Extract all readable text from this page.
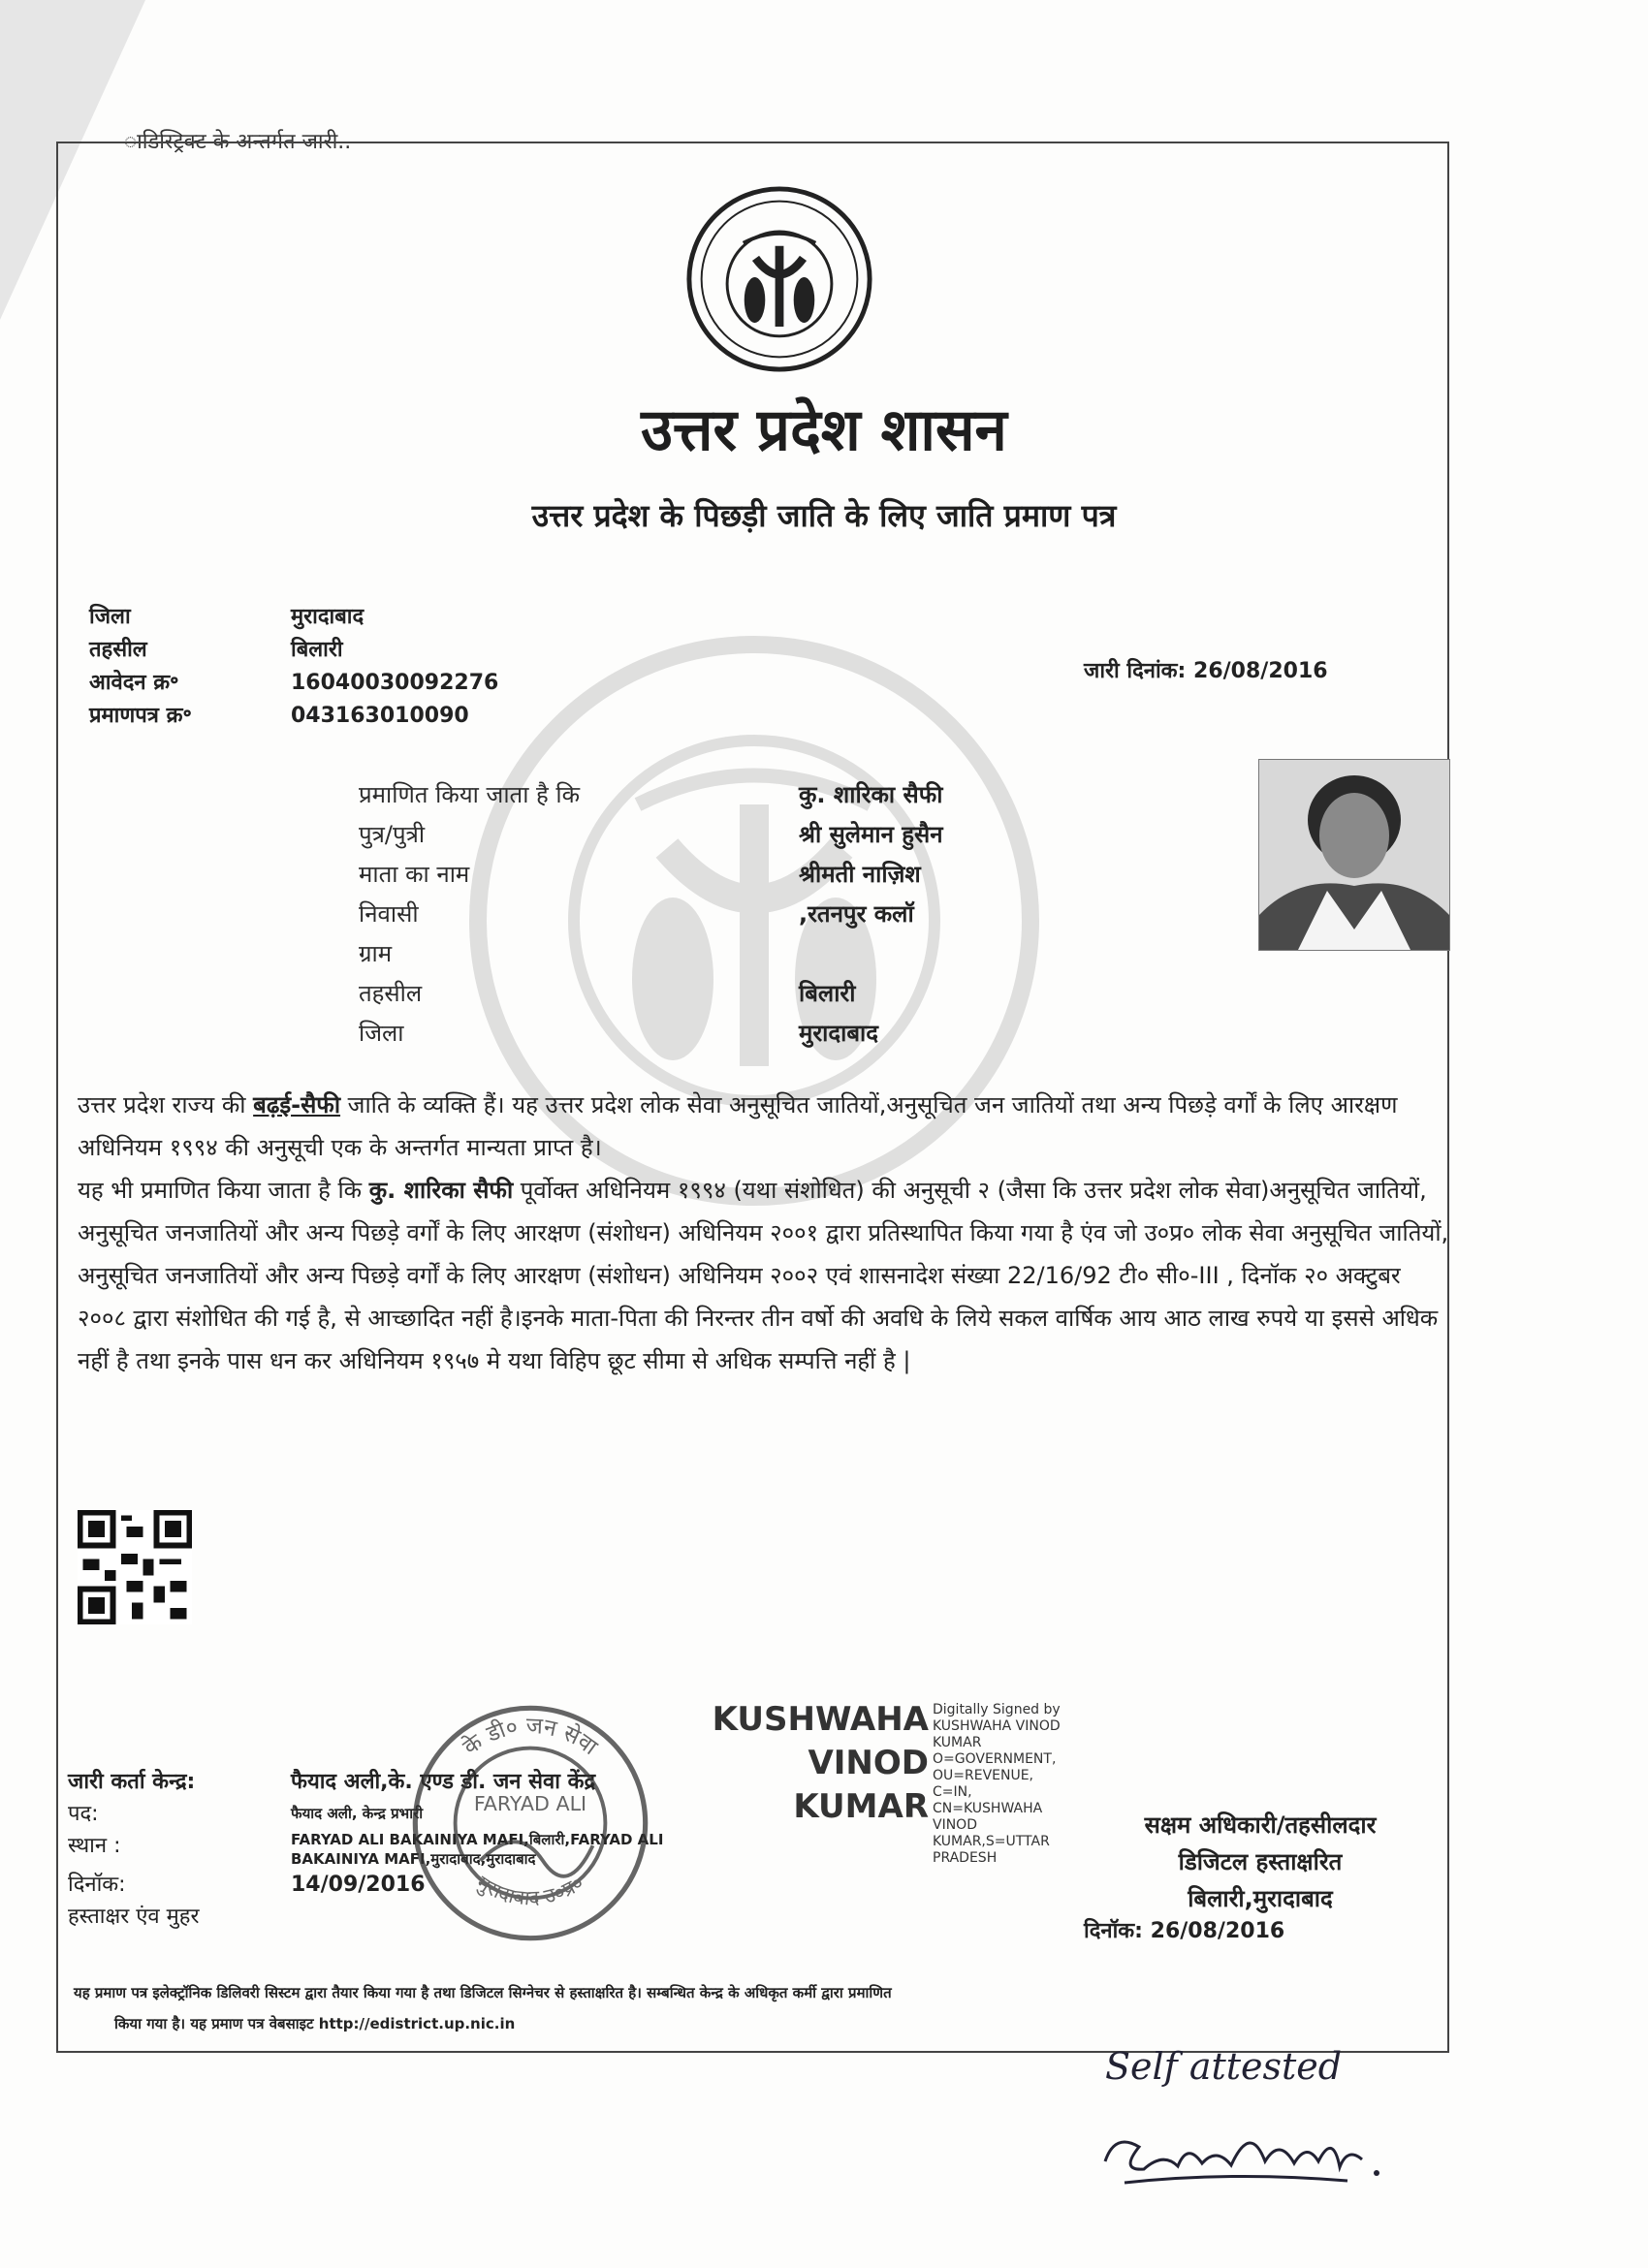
ाडिस्ट्रिक्ट के अन्तर्गत जारी..
उत्तर प्रदेश शासन
उत्तर प्रदेश के पिछड़ी जाति के लिए जाति प्रमाण पत्र
जिला	मुरादाबाद
तहसील	बिलारी
आवेदन क्र॰	16040030092276
प्रमाणपत्र क्र॰	043163010090
जारी दिनांक: 26/08/2016
प्रमाणित किया जाता है कि	कु. शारिका सैफी
पुत्र/पुत्री	श्री सुलेमान हुसैन
माता का नाम	श्रीमती नाज़िश
निवासी	,रतनपुर कलॉ
ग्राम
तहसील	बिलारी
जिला	मुरादाबाद

उत्तर प्रदेश राज्य की बढ़ई-सैफी जाति के व्यक्ति हैं। यह उत्तर प्रदेश लोक सेवा अनुसूचित जातियों,अनुसूचित जन जातियों तथा अन्य पिछड़े वर्गों के लिए आरक्षण अधिनियम १९९४ की अनुसूची एक के अन्तर्गत मान्यता प्राप्त है।

यह भी प्रमाणित किया जाता है कि कु. शारिका सैफी पूर्वोक्त अधिनियम १९९४ (यथा संशोधित) की अनुसूची २ (जैसा कि उत्तर प्रदेश लोक सेवा)अनुसूचित जातियों, अनुसूचित जनजातियों और अन्य पिछड़े वर्गों के लिए आरक्षण (संशोधन) अधिनियम २००१ द्वारा प्रतिस्थापित किया गया है एंव जो उ०प्र० लोक सेवा अनुसूचित जातियों, अनुसूचित जनजातियों और अन्य पिछड़े वर्गों के लिए आरक्षण (संशोधन) अधिनियम २००२ एवं शासनादेश संख्या 22/16/92 टी० सी०-III , दिनॉक २० अक्टुबर २००८ द्वारा संशोधित की गई है, से आच्छादित नहीं है।इनके माता-पिता की निरन्तर तीन वर्षो की अवधि के लिये सकल वार्षिक आय आठ लाख रुपये या इससे अधिक नहीं है तथा इनके पास धन कर अधिनियम १९५७ मे यथा विहिप छूट सीमा से अधिक सम्पत्ति नहीं है |

जारी कर्ता केन्द्र:	फैयाद अली,के. एण्ड डी. जन सेवा केंद्र
पद:	फैयाद अली, केन्द्र प्रभारी
स्थान :	FARYAD ALI BAKAINIYA MAFI,बिलारी,FARYAD ALI BAKAINIYA MAFI,मुरादाबाद,मुरादाबाद
दिनॉक:	14/09/2016
हस्ताक्षर एंव मुहर
के डी० जन सेवा
मुरादाबाद उ०प्र०
FARYAD ALI
KUSHWAHA
VINOD
KUMAR
Digitally Signed by
KUSHWAHA VINOD
KUMAR
O=GOVERNMENT,
OU=REVENUE,
C=IN,
CN=KUSHWAHA
VINOD
KUMAR,S=UTTAR
PRADESH
सक्षम अधिकारी/तहसीलदार
डिजिटल हस्ताक्षरित
बिलारी,मुरादाबाद
दिनॉक: 26/08/2016
यह प्रमाण पत्र इलेक्ट्रॉनिक डिलिवरी सिस्टम द्वारा तैयार किया गया है तथा डिजिटल सिग्नेचर से हस्ताक्षरित है। सम्बन्धित केन्द्र के अधिकृत कर्मी द्वारा प्रमाणित
किया गया है। यह प्रमाण पत्र वेबसाइट http://edistrict.up.nic.in
Self attested
